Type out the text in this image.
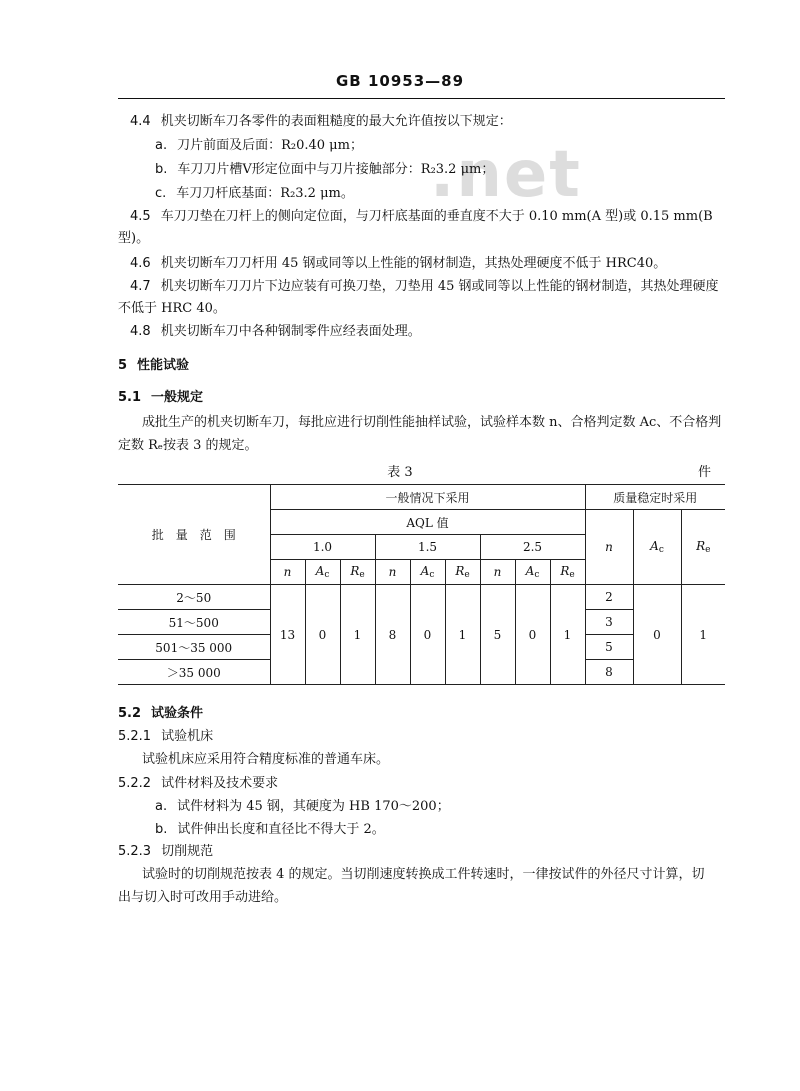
GB 10953—89
.net
4.4 机夹切断车刀各零件的表面粗糙度的最大允许值按以下规定：
a. 刀片前面及后面：R₂0.40 μm；
b. 车刀刀片槽V形定位面中与刀片接触部分：R₂3.2 μm；
c. 车刀刀杆底基面：R₂3.2 μm。
4.5 车刀刀垫在刀杆上的侧向定位面，与刀杆底基面的垂直度不大于 0.10 mm(A 型)或 0.15 mm(B
型)。
4.6 机夹切断车刀刀杆用 45 钢或同等以上性能的钢材制造，其热处理硬度不低于 HRC40。
4.7 机夹切断车刀刀片下边应装有可换刀垫，刀垫用 45 钢或同等以上性能的钢材制造，其热处理硬度
不低于 HRC 40。
4.8 机夹切断车刀中各种钢制零件应经表面处理。
5 性能试验
5.1 一般规定
成批生产的机夹切断车刀，每批应进行切削性能抽样试验，试验样本数 n、合格判定数 Ac、不合格判
定数 Rₑ按表 3 的规定。
表 3	件
批　量　范　围	一般情况下采用									质量稳定时采用		
	AQL 值									n	$A_c$	$R_e$
	1.0			1.5			2.5					
	n	$A_c$	$R_e$	n	$A_c$	$R_e$	n	$A_c$	$R_e$
2～50	13	0	1	8	0	1	5	0	1	2	0	1
51～500										3		
501～35 000										5		
＞35 000										8		
5.2 试验条件
5.2.1 试验机床
试验机床应采用符合精度标准的普通车床。
5.2.2 试件材料及技术要求
a. 试件材料为 45 钢，其硬度为 HB 170～200；
b. 试件伸出长度和直径比不得大于 2。
5.2.3 切削规范
试验时的切削规范按表 4 的规定。当切削速度转换成工件转速时，一律按试件的外径尺寸计算，切
出与切入时可改用手动进给。
